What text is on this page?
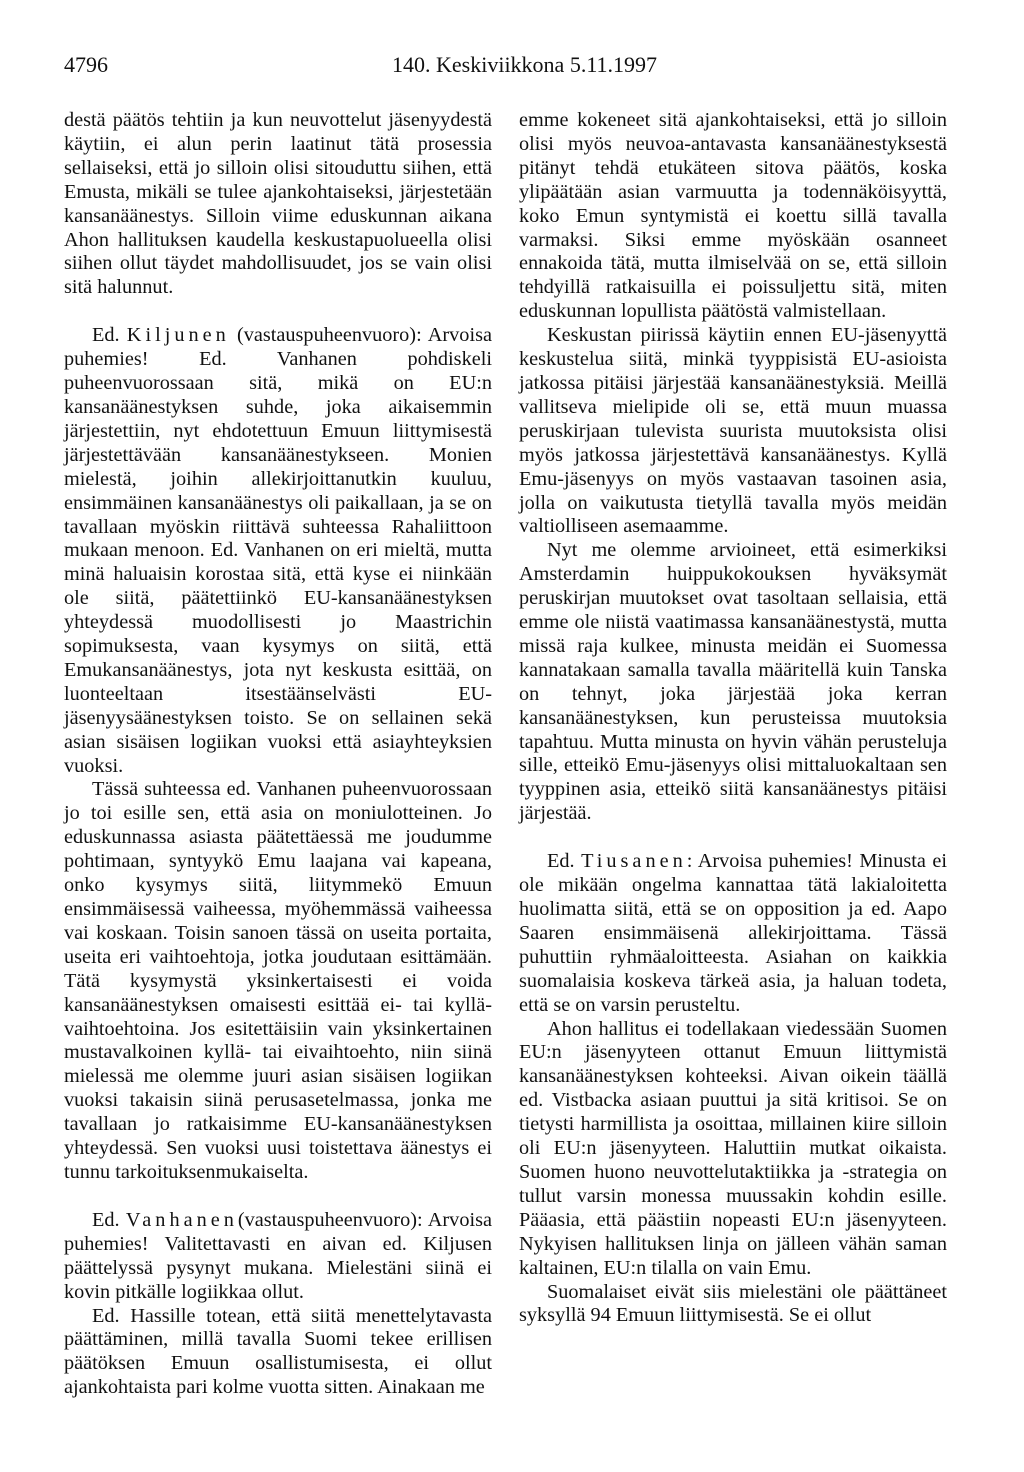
4796	140. Keskiviikkona 5.11.1997

destä päätös tehtiin ja kun neuvottelut jäsenyydestä käytiin, ei alun perin laatinut tätä prosessia sellaiseksi, että jo silloin olisi sitouduttu siihen, että Emusta, mikäli se tulee ajankohtaiseksi, järjestetään kansanäänestys. Silloin viime eduskunnan aikana Ahon hallituksen kaudella keskustapuolueella olisi siihen ollut täydet mahdollisuudet, jos se vain olisi sitä halunnut.

Ed. Kiljunen (vastauspuheenvuoro): Arvoisa puhemies! Ed. Vanhanen pohdiskeli puheenvuorossaan sitä, mikä on EU:n kansanäänestyksen suhde, joka aikaisemmin järjestettiin, nyt ehdotettuun Emuun liittymisestä järjestettävään kansanäänestykseen. Monien mielestä, joihin allekirjoittanutkin kuuluu, ensimmäinen kansanäänestys oli paikallaan, ja se on tavallaan myöskin riittävä suhteessa Rahaliittoon mukaan menoon. Ed. Vanhanen on eri mieltä, mutta minä haluaisin korostaa sitä, että kyse ei niinkään ole siitä, päätettiinkö EU-kansanäänestyksen yhteydessä muodollisesti jo Maastrichin sopimuksesta, vaan kysymys on siitä, että Emukansanäänestys, jota nyt keskusta esittää, on luonteeltaan itsestäänselvästi EU-jäsenyysäänestyksen toisto. Se on sellainen sekä asian sisäisen logiikan vuoksi että asiayhteyksien vuoksi.

Tässä suhteessa ed. Vanhanen puheenvuorossaan jo toi esille sen, että asia on moniulotteinen. Jo eduskunnassa asiasta päätettäessä me joudumme pohtimaan, syntyykö Emu laajana vai kapeana, onko kysymys siitä, liitymmekö Emuun ensimmäisessä vaiheessa, myöhemmässä vaiheessa vai koskaan. Toisin sanoen tässä on useita portaita, useita eri vaihtoehtoja, jotka joudutaan esittämään. Tätä kysymystä yksinkertaisesti ei voida kansanäänestyksen omaisesti esittää ei- tai kyllä-vaihtoehtoina. Jos esitettäisiin vain yksinkertainen mustavalkoinen kyllä- tai eivaihtoehto, niin siinä mielessä me olemme juuri asian sisäisen logiikan vuoksi takaisin siinä perusasetelmassa, jonka me tavallaan jo ratkaisimme EU-kansanäänestyksen yhteydessä. Sen vuoksi uusi toistettava äänestys ei tunnu tarkoituksenmukaiselta.

Ed. Vanhanen(vastauspuheenvuoro): Arvoisa puhemies! Valitettavasti en aivan ed. Kiljusen päättelyssä pysynyt mukana. Mielestäni siinä ei kovin pitkälle logiikkaa ollut.

Ed. Hassille totean, että siitä menettelytavasta päättäminen, millä tavalla Suomi tekee erillisen päätöksen Emuun osallistumisesta, ei ollut ajankohtaista pari kolme vuotta sitten. Ainakaan me

emme kokeneet sitä ajankohtaiseksi, että jo silloin olisi myös neuvoa-antavasta kansanäänestyksestä pitänyt tehdä etukäteen sitova päätös, koska ylipäätään asian varmuutta ja todennäköisyyttä, koko Emun syntymistä ei koettu sillä tavalla varmaksi. Siksi emme myöskään osanneet ennakoida tätä, mutta ilmiselvää on se, että silloin tehdyillä ratkaisuilla ei poissuljettu sitä, miten eduskunnan lopullista päätöstä valmistellaan.

Keskustan piirissä käytiin ennen EU-jäsenyyttä keskustelua siitä, minkä tyyppisistä EU-asioista jatkossa pitäisi järjestää kansanäänestyksiä. Meillä vallitseva mielipide oli se, että muun muassa peruskirjaan tulevista suurista muutoksista olisi myös jatkossa järjestettävä kansanäänestys. Kyllä Emu-jäsenyys on myös vastaavan tasoinen asia, jolla on vaikutusta tietyllä tavalla myös meidän valtiolliseen asemaamme.

Nyt me olemme arvioineet, että esimerkiksi Amsterdamin huippukokouksen hyväksymät peruskirjan muutokset ovat tasoltaan sellaisia, että emme ole niistä vaatimassa kansanäänestystä, mutta missä raja kulkee, minusta meidän ei Suomessa kannatakaan samalla tavalla määritellä kuin Tanska on tehnyt, joka järjestää joka kerran kansanäänestyksen, kun perusteissa muutoksia tapahtuu. Mutta minusta on hyvin vähän perusteluja sille, etteikö Emu-jäsenyys olisi mittaluokaltaan sen tyyppinen asia, etteikö siitä kansanäänestys pitäisi järjestää.

Ed. Tiusanen: Arvoisa puhemies! Minusta ei ole mikään ongelma kannattaa tätä lakialoitetta huolimatta siitä, että se on opposition ja ed. Aapo Saaren ensimmäisenä allekirjoittama. Tässä puhuttiin ryhmäaloitteesta. Asiahan on kaikkia suomalaisia koskeva tärkeä asia, ja haluan todeta, että se on varsin perusteltu.

Ahon hallitus ei todellakaan viedessään Suomen EU:n jäsenyyteen ottanut Emuun liittymistä kansanäänestyksen kohteeksi. Aivan oikein täällä ed. Vistbacka asiaan puuttui ja sitä kritisoi. Se on tietysti harmillista ja osoittaa, millainen kiire silloin oli EU:n jäsenyyteen. Haluttiin mutkat oikaista. Suomen huono neuvottelutaktiikka ja -strategia on tullut varsin monessa muussakin kohdin esille. Pääasia, että päästiin nopeasti EU:n jäsenyyteen. Nykyisen hallituksen linja on jälleen vähän saman kaltainen, EU:n tilalla on vain Emu.

Suomalaiset eivät siis mielestäni ole päättäneet syksyllä 94 Emuun liittymisestä. Se ei ollut
